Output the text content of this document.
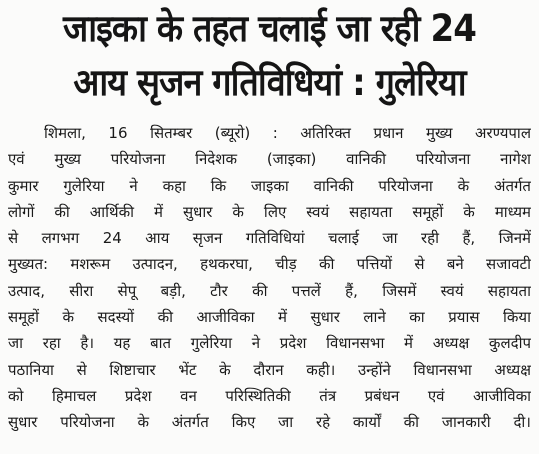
जाइका के तहत चलाई जा रही 24
आय सृजन गतिविधियां : गुलेरिया
शिमला, 16 सितम्बर (ब्यूरो) : अतिरिक्त प्रधान मुख्य अरण्यपाल
एवं मुख्य परियोजना निदेशक (जाइका) वानिकी परियोजना नागेश
कुमार गुलेरिया ने कहा कि जाइका वानिकी परियोजना के अंतर्गत
लोगों की आर्थिकी में सुधार के लिए स्वयं सहायता समूहों के माध्यम
से लगभग 24 आय सृजन गतिविधियां चलाई जा रही हैं, जिनमें
मुख्यत: मशरूम उत्पादन, हथकरघा, चीड़ की पत्तियों से बने सजावटी
उत्पाद, सीरा सेपू बड़ी, टौर की पत्तलें हैं, जिसमें स्वयं सहायता
समूहों के सदस्यों की आजीविका में सुधार लाने का प्रयास किया
जा रहा है। यह बात गुलेरिया ने प्रदेश विधानसभा में अध्यक्ष कुलदीप
पठानिया से शिष्टाचार भेंट के दौरान कही। उन्होंने विधानसभा अध्यक्ष
को हिमाचल प्रदेश वन परिस्थितिकी तंत्र प्रबंधन एवं आजीविका
सुधार परियोजना के अंतर्गत किए जा रहे कार्यों की जानकारी दी।
